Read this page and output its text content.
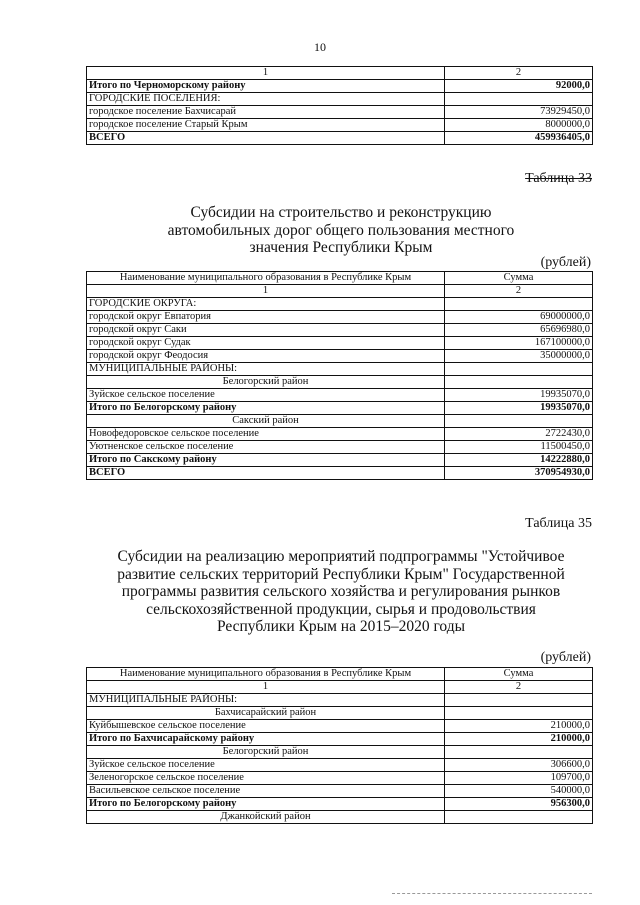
10
1	2
Итого по Черноморскому району	92000,0
ГОРОДСКИЕ ПОСЕЛЕНИЯ:	
городское поселение Бахчисарай	73929450,0
городское поселение Старый Крым	8000000,0
ВСЕГО	459936405,0
Таблица 33
Субсидии на строительство и реконструкцию
автомобильных дорог общего пользования местного
значения Республики Крым
(рублей)
Наименование муниципального образования в Республике Крым	Сумма
1	2
ГОРОДСКИЕ ОКРУГА:	
городской округ Евпатория	69000000,0
городской округ Саки	65696980,0
городской округ Судак	167100000,0
городской округ Феодосия	35000000,0
МУНИЦИПАЛЬНЫЕ РАЙОНЫ:	
Белогорский район	
Зуйское сельское поселение	19935070,0
Итого по Белогорскому району	19935070,0
Сакский район	
Новофедоровское сельское поселение	2722430,0
Уютненское сельское поселение	11500450,0
Итого по Сакскому району	14222880,0
ВСЕГО	370954930,0
Таблица 35
Субсидии на реализацию мероприятий подпрограммы "Устойчивое
развитие сельских территорий Республики Крым" Государственной
программы развития сельского хозяйства и регулирования рынков
сельскохозяйственной продукции, сырья и продовольствия
Республики Крым на 2015–2020 годы
(рублей)
Наименование муниципального образования в Республике Крым	Сумма
1	2
МУНИЦИПАЛЬНЫЕ РАЙОНЫ:	
Бахчисарайский район	
Куйбышевское сельское поселение	210000,0
Итого по Бахчисарайскому району	210000,0
Белогорский район	
Зуйское сельское поселение	306600,0
Зеленогорское сельское поселение	109700,0
Васильевское сельское поселение	540000,0
Итого по Белогорскому району	956300,0
Джанкойский район	
